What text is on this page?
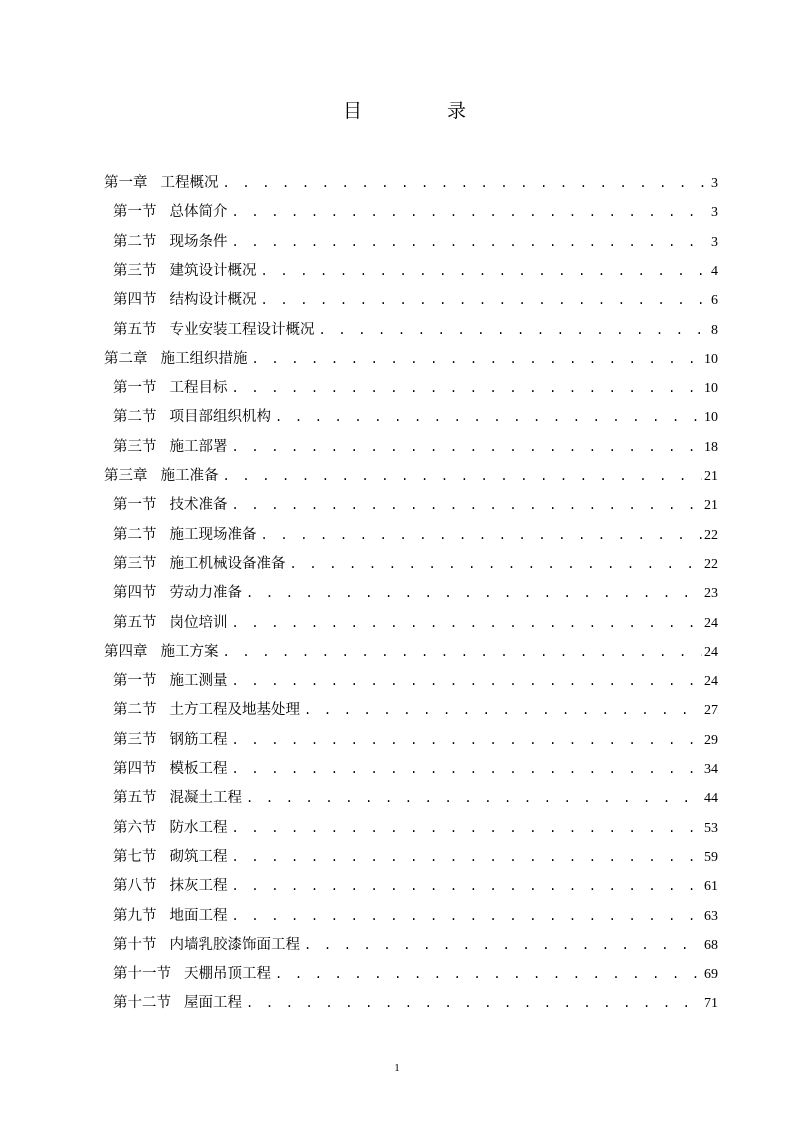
目	录
第一章 工程概况 . . .	3
第一节 总体简介 . . .	3
第二节 现场条件 . . .	3
第三节 建筑设计概况 . . .	4
第四节 结构设计概况 . . .	6
第五节 专业安装工程设计概况 . . .	8
第二章 施工组织措施 . . .	10
第一节 工程目标 . . .	10
第二节 项目部组织机构 . . .	10
第三节 施工部署 . . .	18
第三章 施工准备 . . .	21
第一节 技术准备 . . .	21
第二节 施工现场准备 . . .	22
第三节 施工机械设备准备 . . .	22
第四节 劳动力准备 . . .	23
第五节 岗位培训 . . .	24
第四章 施工方案 . . .	24
第一节 施工测量 . . .	24
第二节 土方工程及地基处理 . . .	27
第三节 钢筋工程 . . .	29
第四节 模板工程 . . .	34
第五节 混凝土工程 . . .	44
第六节 防水工程 . . .	53
第七节 砌筑工程 . . .	59
第八节 抹灰工程 . . .	61
第九节 地面工程 . . .	63
第十节 内墙乳胶漆饰面工程 . . .	68
第十一节 天棚吊顶工程 . . .	69
第十二节 屋面工程 . . .	71
1
